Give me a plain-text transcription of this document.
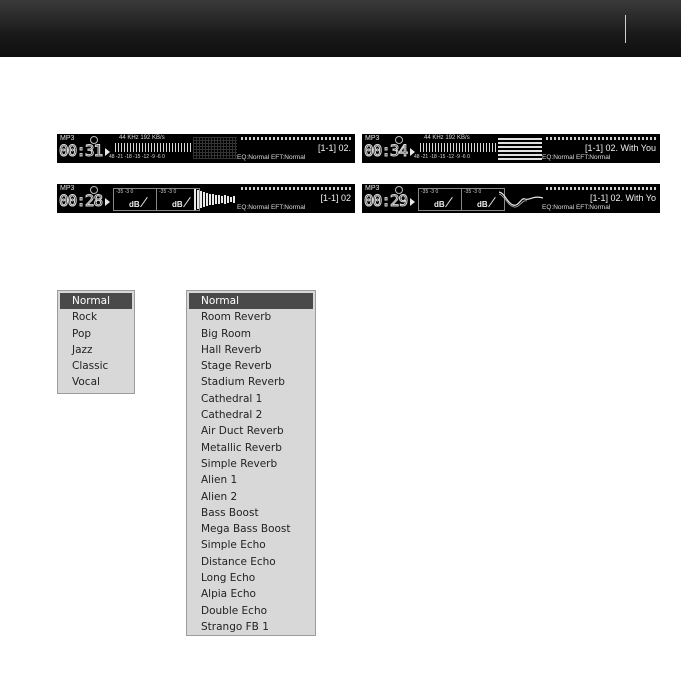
MP3
00:31
44 KHz 192 KB/s
48 -21 -18 -15 -12 -9 -6 0
[1-1] 02.
EQ:Normal EFT:Normal
MP3
00:34
44 KHz 192 KB/s
48 -21 -18 -15 -12 -9 -6 0
[1-1] 02. With You
EQ:Normal EFT:Normal
MP3
00:28	-35 -3 0
dB
-35 -3 0
dB
[1-1] 02
EQ:Normal EFT:Normal
MP3
00:29	-35 -3 0
dB
-35 -3 0
dB
[1-1] 02. With Yo
EQ:Normal EFT:Normal
Normal
Rock
Pop
Jazz
Classic
Vocal
Normal
Room Reverb
Big Room
Hall Reverb
Stage Reverb
Stadium Reverb
Cathedral 1
Cathedral 2
Air Duct Reverb
Metallic Reverb
Simple Reverb
Alien 1
Alien 2
Bass Boost
Mega Bass Boost
Simple Echo
Distance Echo
Long Echo
Alpia Echo
Double Echo
Strango FB 1
